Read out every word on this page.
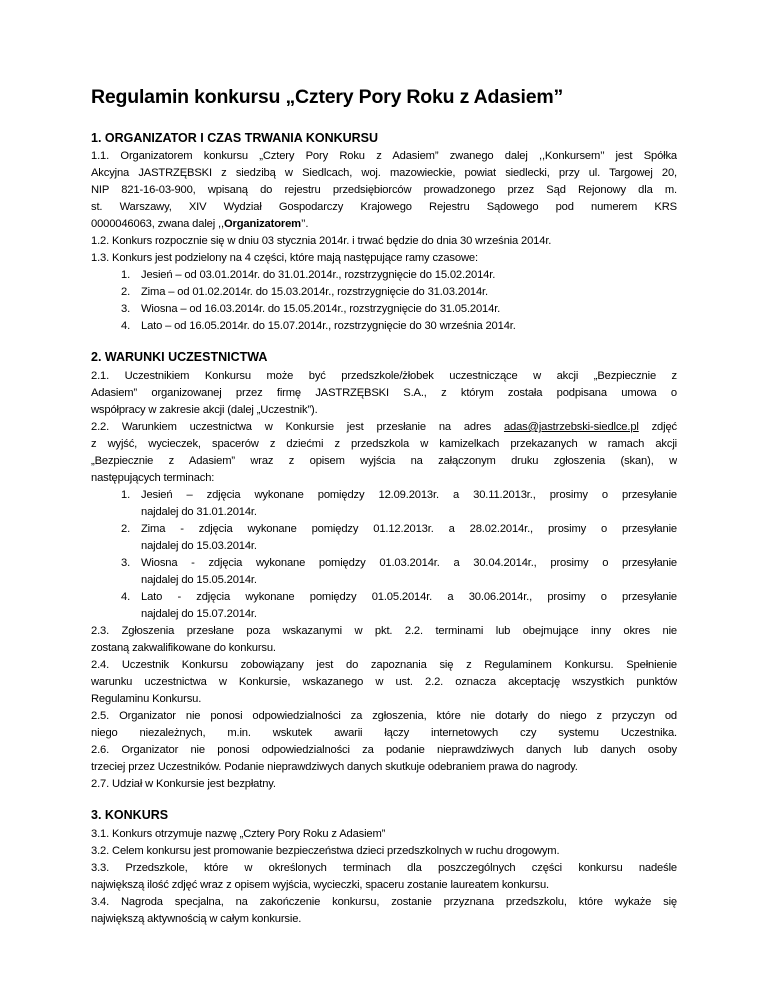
Regulamin konkursu „Cztery Pory Roku z Adasiem”
1. ORGANIZATOR I CZAS TRWANIA KONKURSU
1.1. Organizatorem konkursu „Cztery Pory Roku z Adasiem” zwanego dalej ,,Konkursem’’ jest Spółka
Akcyjna JASTRZĘBSKI z siedzibą w Siedlcach, woj. mazowieckie, powiat siedlecki, przy ul. Targowej 20,
NIP 821-16-03-900, wpisaną do rejestru przedsiębiorców prowadzonego przez Sąd Rejonowy dla m.
st. Warszawy, XIV Wydział Gospodarczy Krajowego Rejestru Sądowego pod numerem KRS
0000046063, zwana dalej ,,Organizatorem’’.
1.2. Konkurs rozpocznie się w dniu 03 stycznia 2014r. i trwać będzie do dnia 30 września 2014r.
1.3. Konkurs jest podzielony na 4 części, które mają następujące ramy czasowe:
1. Jesień – od 03.01.2014r. do 31.01.2014r., rozstrzygnięcie do 15.02.2014r.
2. Zima – od 01.02.2014r. do 15.03.2014r., rozstrzygnięcie do 31.03.2014r.
3. Wiosna – od 16.03.2014r. do 15.05.2014r., rozstrzygnięcie do 31.05.2014r.
4. Lato – od 16.05.2014r. do 15.07.2014r., rozstrzygnięcie do 30 września 2014r.
2. WARUNKI UCZESTNICTWA
2.1. Uczestnikiem Konkursu może być przedszkole/żłobek uczestniczące w akcji „Bezpiecznie z
Adasiem” organizowanej przez firmę JASTRZĘBSKI S.A., z którym została podpisana umowa o
współpracy w zakresie akcji (dalej „Uczestnik”).
2.2. Warunkiem uczestnictwa w Konkursie jest przesłanie na adres adas@jastrzebski-siedlce.pl zdjęć
z wyjść, wycieczek, spacerów z dziećmi z przedszkola w kamizelkach przekazanych w ramach akcji
„Bezpiecznie z Adasiem” wraz z opisem wyjścia na załączonym druku zgłoszenia (skan), w
następujących terminach:
1. Jesień – zdjęcia wykonane pomiędzy 12.09.2013r. a 30.11.2013r., prosimy o przesyłanie
najdalej do 31.01.2014r.
2. Zima - zdjęcia wykonane pomiędzy 01.12.2013r. a 28.02.2014r., prosimy o przesyłanie
najdalej do 15.03.2014r.
3. Wiosna - zdjęcia wykonane pomiędzy 01.03.2014r. a 30.04.2014r., prosimy o przesyłanie
najdalej do 15.05.2014r.
4. Lato - zdjęcia wykonane pomiędzy 01.05.2014r. a 30.06.2014r., prosimy o przesyłanie
najdalej do 15.07.2014r.
2.3. Zgłoszenia przesłane poza wskazanymi w pkt. 2.2. terminami lub obejmujące inny okres nie
zostaną zakwalifikowane do konkursu.
2.4. Uczestnik Konkursu zobowiązany jest do zapoznania się z Regulaminem Konkursu. Spełnienie
warunku uczestnictwa w Konkursie, wskazanego w ust. 2.2. oznacza akceptację wszystkich punktów
Regulaminu Konkursu.
2.5. Organizator nie ponosi odpowiedzialności za zgłoszenia, które nie dotarły do niego z przyczyn od
niego niezależnych, m.in. wskutek awarii łączy internetowych czy systemu Uczestnika.
2.6. Organizator nie ponosi odpowiedzialności za podanie nieprawdziwych danych lub danych osoby
trzeciej przez Uczestników. Podanie nieprawdziwych danych skutkuje odebraniem prawa do nagrody.
2.7. Udział w Konkursie jest bezpłatny.
3. KONKURS
3.1. Konkurs otrzymuje nazwę „Cztery Pory Roku z Adasiem”
3.2. Celem konkursu jest promowanie bezpieczeństwa dzieci przedszkolnych w ruchu drogowym.
3.3. Przedszkole, które w określonych terminach dla poszczególnych części konkursu nadeśle
największą ilość zdjęć wraz z opisem wyjścia, wycieczki, spaceru zostanie laureatem konkursu.
3.4. Nagroda specjalna, na zakończenie konkursu, zostanie przyznana przedszkolu, które wykaże się
największą aktywnością w całym konkursie.
